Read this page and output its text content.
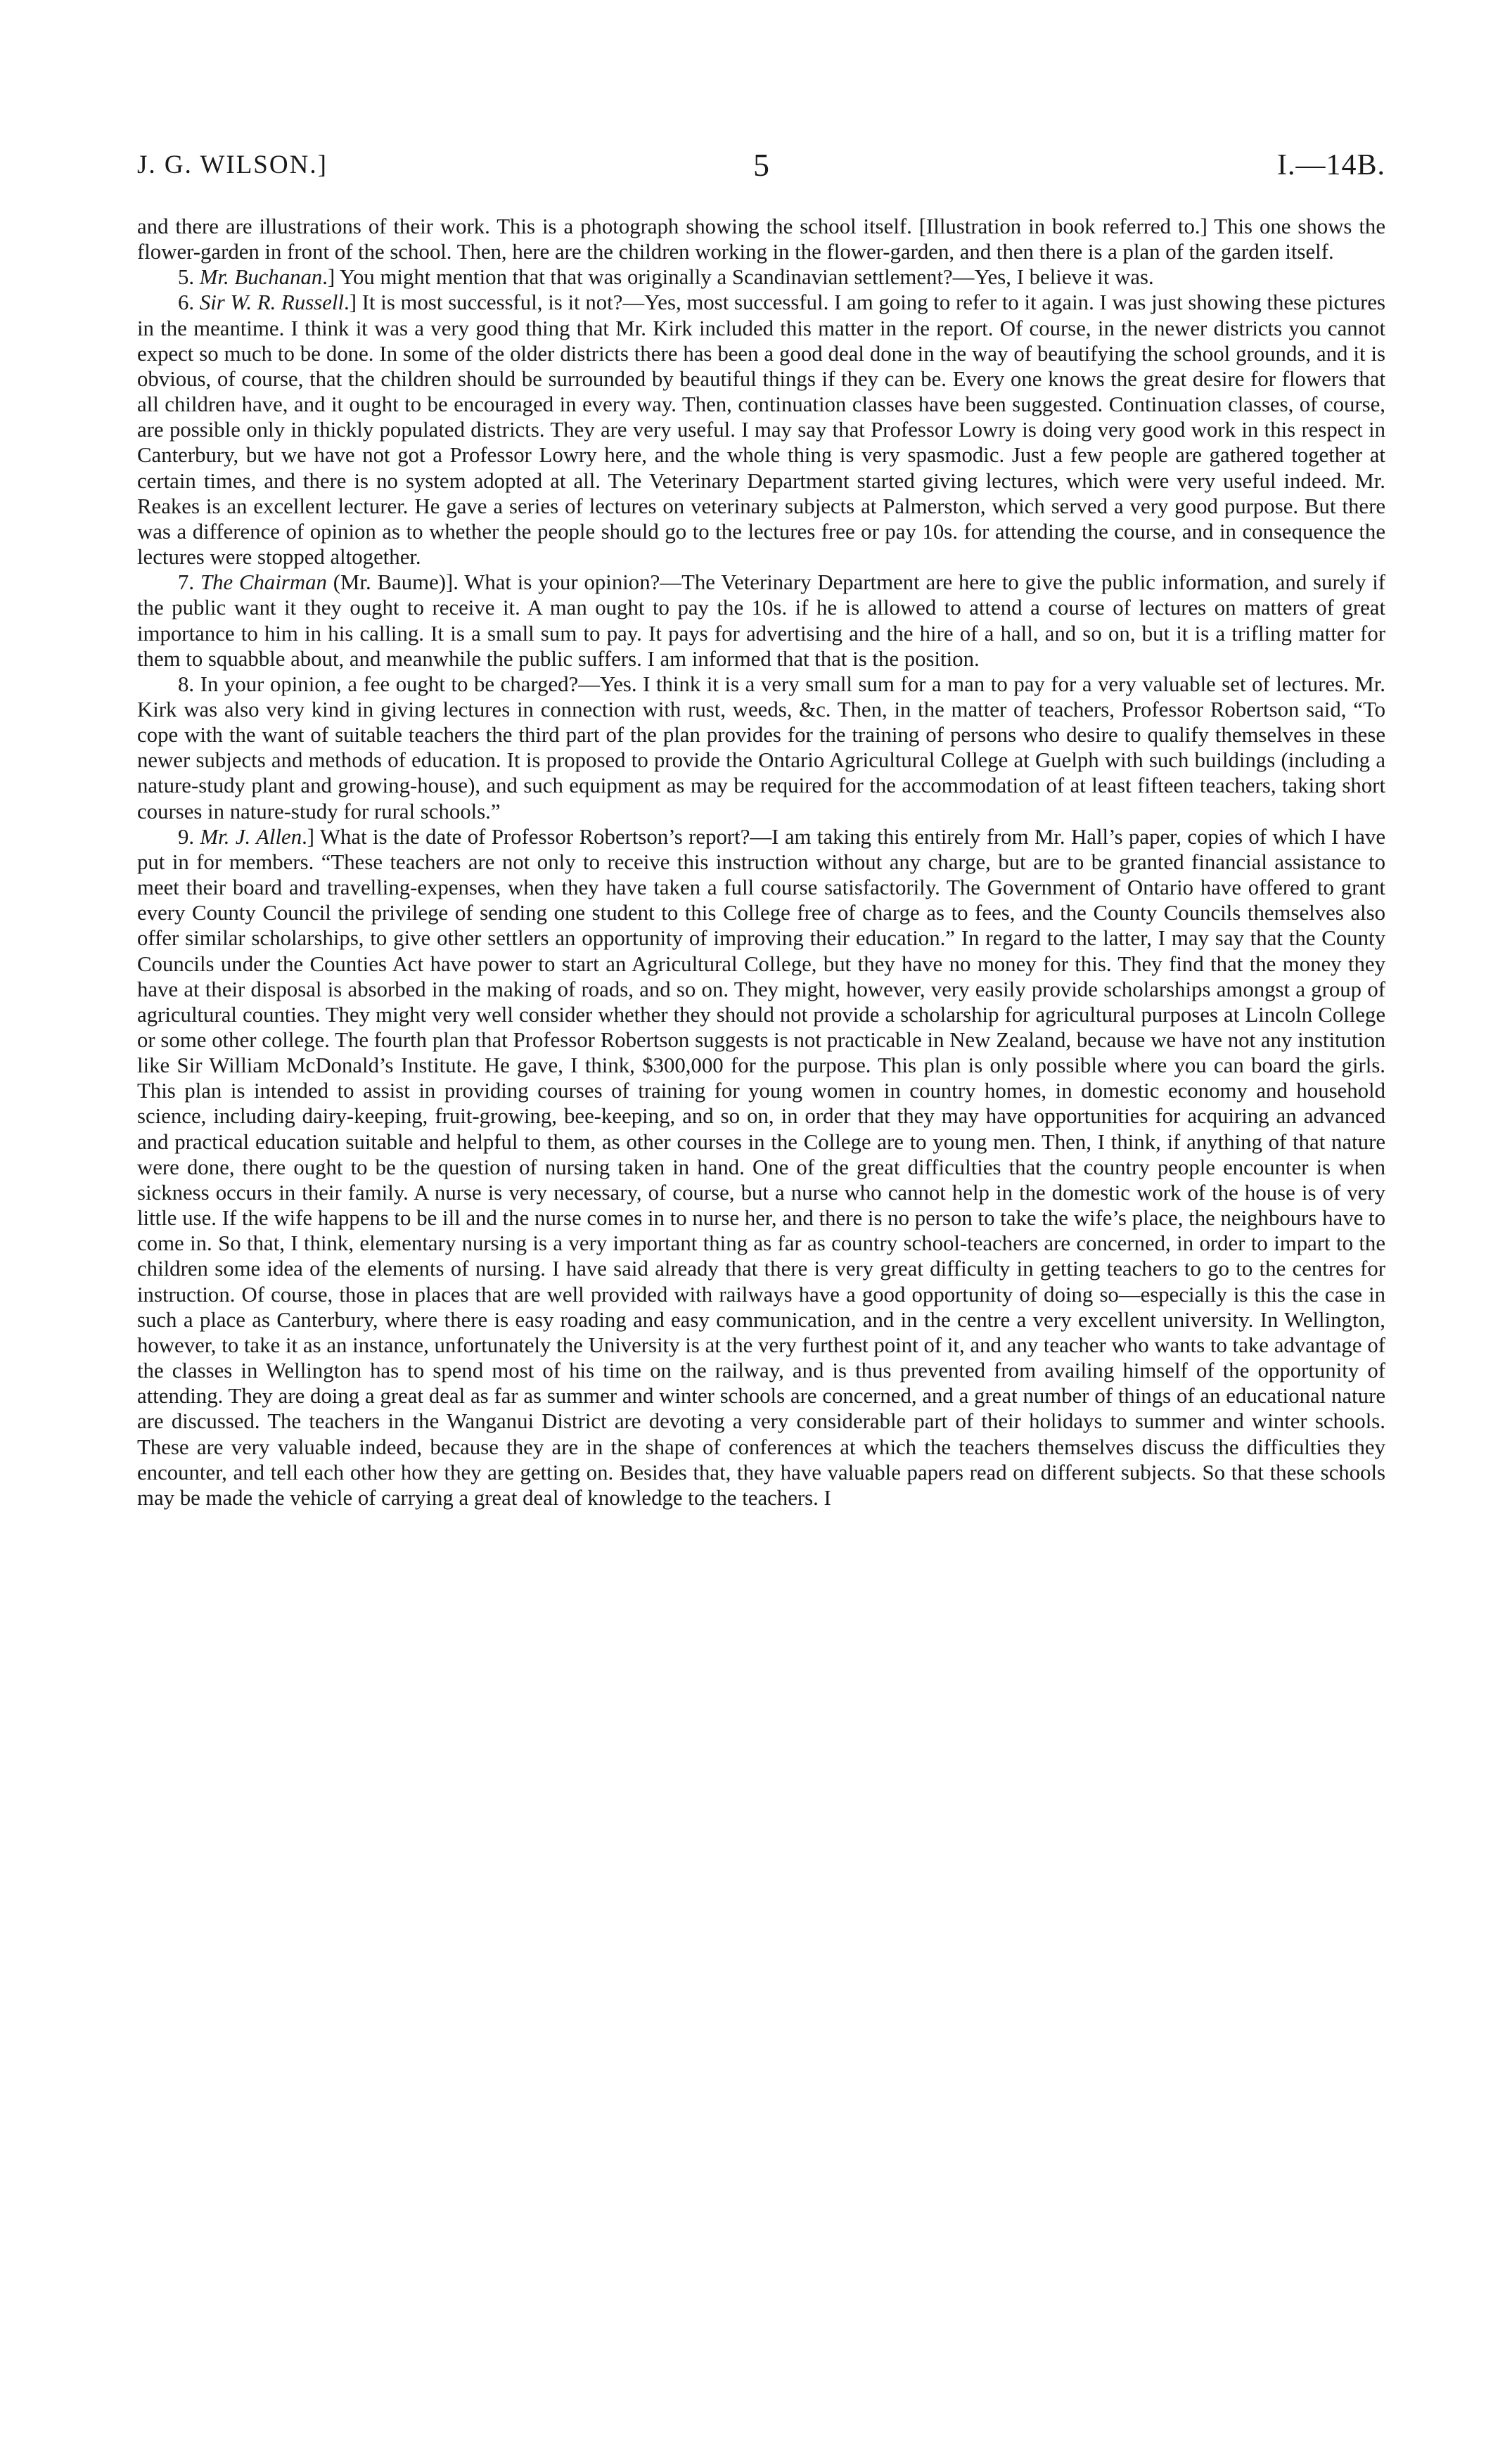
J. G. WILSON.]	5	I.—14B.

and there are illustrations of their work. This is a photograph showing the school itself. [Illustration in book referred to.] This one shows the flower-garden in front of the school. Then, here are the children working in the flower-garden, and then there is a plan of the garden itself.

5. Mr. Buchanan.] You might mention that that was originally a Scandinavian settlement?—Yes, I believe it was.

6. Sir W. R. Russell.] It is most successful, is it not?—Yes, most successful. I am going to refer to it again. I was just showing these pictures in the meantime. I think it was a very good thing that Mr. Kirk included this matter in the report. Of course, in the newer districts you cannot expect so much to be done. In some of the older districts there has been a good deal done in the way of beautifying the school grounds, and it is obvious, of course, that the children should be surrounded by beautiful things if they can be. Every one knows the great desire for flowers that all children have, and it ought to be encouraged in every way. Then, continuation classes have been suggested. Continuation classes, of course, are possible only in thickly populated districts. They are very useful. I may say that Professor Lowry is doing very good work in this respect in Canterbury, but we have not got a Professor Lowry here, and the whole thing is very spasmodic. Just a few people are gathered together at certain times, and there is no system adopted at all. The Veterinary Department started giving lectures, which were very useful indeed. Mr. Reakes is an excellent lecturer. He gave a series of lectures on veterinary subjects at Palmerston, which served a very good purpose. But there was a difference of opinion as to whether the people should go to the lectures free or pay 10s. for attending the course, and in consequence the lectures were stopped altogether.

7. The Chairman (Mr. Baume)]. What is your opinion?—The Veterinary Department are here to give the public information, and surely if the public want it they ought to receive it. A man ought to pay the 10s. if he is allowed to attend a course of lectures on matters of great importance to him in his calling. It is a small sum to pay. It pays for advertising and the hire of a hall, and so on, but it is a trifling matter for them to squabble about, and meanwhile the public suffers. I am informed that that is the position.

8. In your opinion, a fee ought to be charged?—Yes. I think it is a very small sum for a man to pay for a very valuable set of lectures. Mr. Kirk was also very kind in giving lectures in connection with rust, weeds, &c. Then, in the matter of teachers, Professor Robertson said, “To cope with the want of suitable teachers the third part of the plan provides for the training of persons who desire to qualify themselves in these newer subjects and methods of education. It is proposed to provide the Ontario Agricultural College at Guelph with such buildings (including a nature-study plant and growing-house), and such equipment as may be required for the accommodation of at least fifteen teachers, taking short courses in nature-study for rural schools.”

9. Mr. J. Allen.] What is the date of Professor Robertson’s report?—I am taking this entirely from Mr. Hall’s paper, copies of which I have put in for members. “These teachers are not only to receive this instruction without any charge, but are to be granted financial assistance to meet their board and travelling-expenses, when they have taken a full course satisfactorily. The Government of Ontario have offered to grant every County Council the privilege of sending one student to this College free of charge as to fees, and the County Councils themselves also offer similar scholarships, to give other settlers an opportunity of improving their education.” In regard to the latter, I may say that the County Councils under the Counties Act have power to start an Agricultural College, but they have no money for this. They find that the money they have at their disposal is absorbed in the making of roads, and so on. They might, however, very easily provide scholarships amongst a group of agricultural counties. They might very well consider whether they should not provide a scholarship for agricultural purposes at Lincoln College or some other college. The fourth plan that Professor Robertson suggests is not practicable in New Zealand, because we have not any institution like Sir William McDonald’s Institute. He gave, I think, $300,000 for the purpose. This plan is only possible where you can board the girls. This plan is intended to assist in providing courses of training for young women in country homes, in domestic economy and household science, including dairy-keeping, fruit-growing, bee-keeping, and so on, in order that they may have opportunities for acquiring an advanced and practical education suitable and helpful to them, as other courses in the College are to young men. Then, I think, if anything of that nature were done, there ought to be the question of nursing taken in hand. One of the great difficulties that the country people encounter is when sickness occurs in their family. A nurse is very necessary, of course, but a nurse who cannot help in the domestic work of the house is of very little use. If the wife happens to be ill and the nurse comes in to nurse her, and there is no person to take the wife’s place, the neighbours have to come in. So that, I think, elementary nursing is a very important thing as far as country school-teachers are concerned, in order to impart to the children some idea of the elements of nursing. I have said already that there is very great difficulty in getting teachers to go to the centres for instruction. Of course, those in places that are well provided with railways have a good opportunity of doing so—especially is this the case in such a place as Canterbury, where there is easy roading and easy communication, and in the centre a very excellent university. In Wellington, however, to take it as an instance, unfortunately the University is at the very furthest point of it, and any teacher who wants to take advantage of the classes in Wellington has to spend most of his time on the railway, and is thus prevented from availing himself of the opportunity of attending. They are doing a great deal as far as summer and winter schools are concerned, and a great number of things of an educational nature are discussed. The teachers in the Wanganui District are devoting a very considerable part of their holidays to summer and winter schools. These are very valuable indeed, because they are in the shape of conferences at which the teachers themselves discuss the difficulties they encounter, and tell each other how they are getting on. Besides that, they have valuable papers read on different subjects. So that these schools may be made the vehicle of carrying a great deal of knowledge to the teachers. I
